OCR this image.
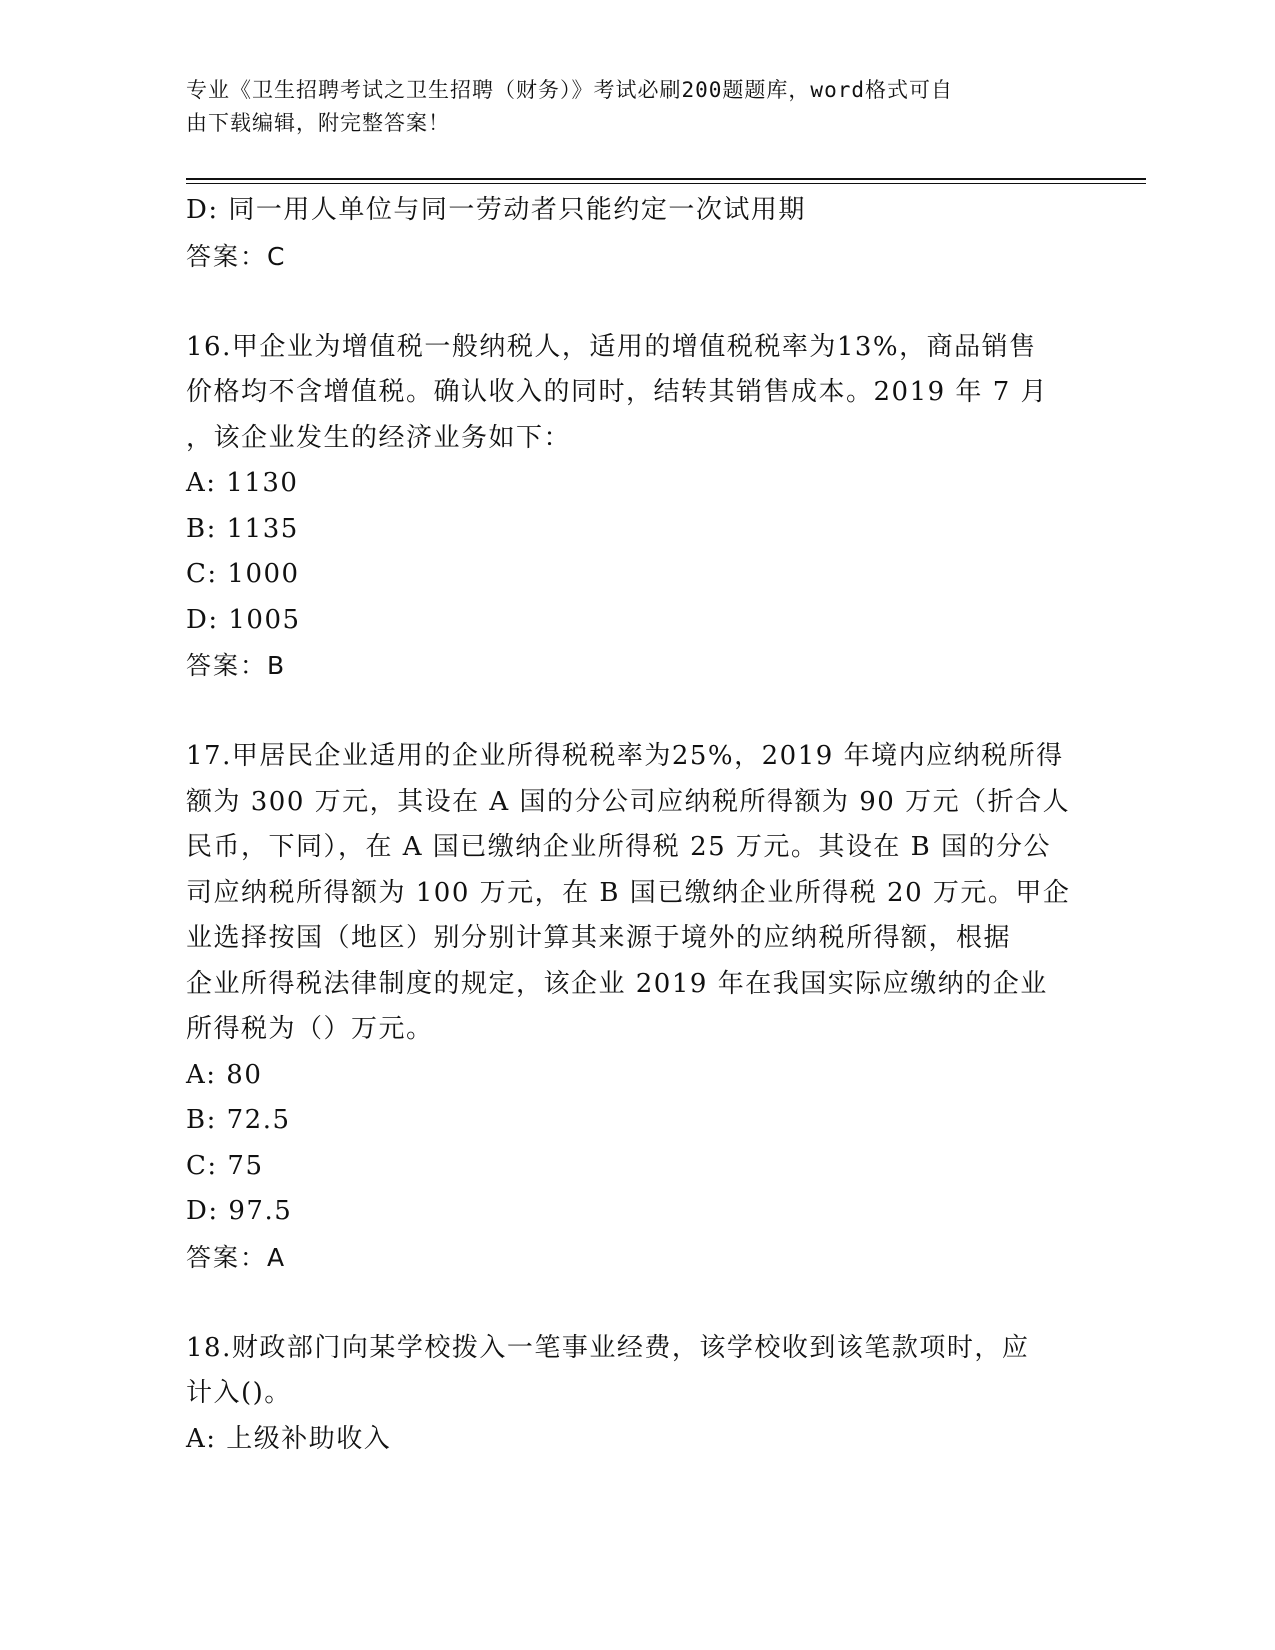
专业《卫生招聘考试之卫生招聘（财务）》考试必刷200题题库，word格式可自
由下载编辑，附完整答案！
D: 同一用人单位与同一劳动者只能约定一次试用期
答案：C
16.甲企业为增值税一般纳税人，适用的增值税税率为13%，商品销售
价格均不含增值税。确认收入的同时，结转其销售成本。2019 年 7 月
，该企业发生的经济业务如下：
A: 1130
B: 1135
C: 1000
D: 1005
答案：B
17.甲居民企业适用的企业所得税税率为25%，2019 年境内应纳税所得
额为 300 万元，其设在 A 国的分公司应纳税所得额为 90 万元（折合人
民币，下同），在 A 国已缴纳企业所得税 25 万元。其设在 B 国的分公
司应纳税所得额为 100 万元，在 B 国已缴纳企业所得税 20 万元。甲企
业选择按国（地区）别分别计算其来源于境外的应纳税所得额，根据
企业所得税法律制度的规定，该企业 2019 年在我国实际应缴纳的企业
所得税为（）万元。
A: 80
B: 72.5
C: 75
D: 97.5
答案：A
18.财政部门向某学校拨入一笔事业经费，该学校收到该笔款项时，应
计入()。
A: 上级补助收入
